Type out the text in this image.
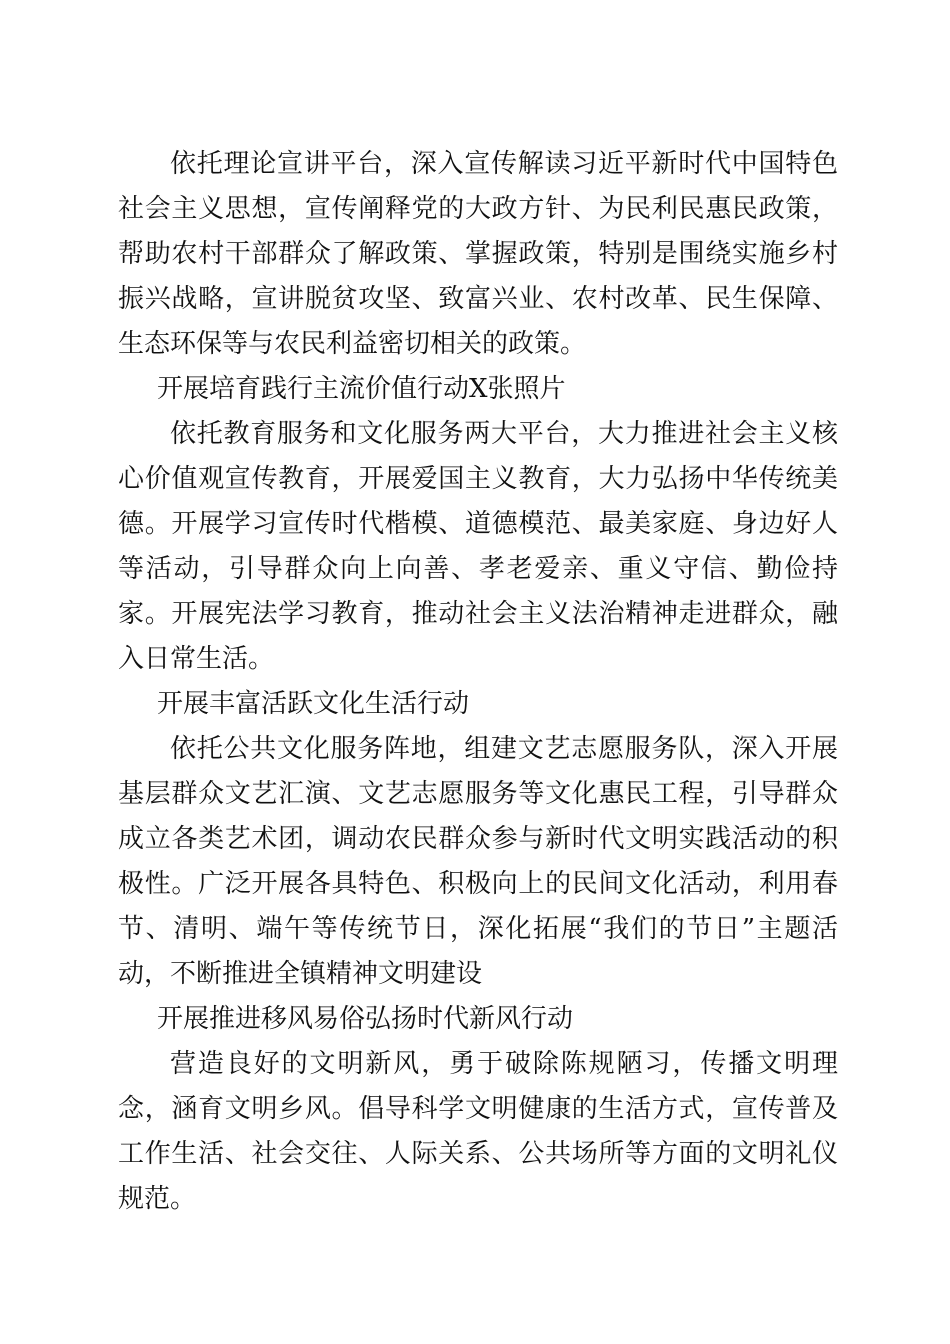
依托理论宣讲平台，深入宣传解读习近平新时代中国特色社会主义思想，宣传阐释党的大政方针、为民利民惠民政策，帮助农村干部群众了解政策、掌握政策，特别是围绕实施乡村振兴战略，宣讲脱贫攻坚、致富兴业、农村改革、民生保障、生态环保等与农民利益密切相关的政策。

开展培育践行主流价值行动X张照片

依托教育服务和文化服务两大平台，大力推进社会主义核心价值观宣传教育，开展爱国主义教育，大力弘扬中华传统美德。开展学习宣传时代楷模、道德模范、最美家庭、身边好人等活动，引导群众向上向善、孝老爱亲、重义守信、勤俭持家。开展宪法学习教育，推动社会主义法治精神走进群众，融入日常生活。

开展丰富活跃文化生活行动

依托公共文化服务阵地，组建文艺志愿服务队，深入开展基层群众文艺汇演、文艺志愿服务等文化惠民工程，引导群众成立各类艺术团，调动农民群众参与新时代文明实践活动的积极性。广泛开展各具特色、积极向上的民间文化活动，利用春节、清明、端午等传统节日，深化拓展“我们的节日”主题活动，不断推进全镇精神文明建设

开展推进移风易俗弘扬时代新风行动

营造良好的文明新风，勇于破除陈规陋习，传播文明理念，涵育文明乡风。倡导科学文明健康的生活方式，宣传普及工作生活、社会交往、人际关系、公共场所等方面的文明礼仪规范。
